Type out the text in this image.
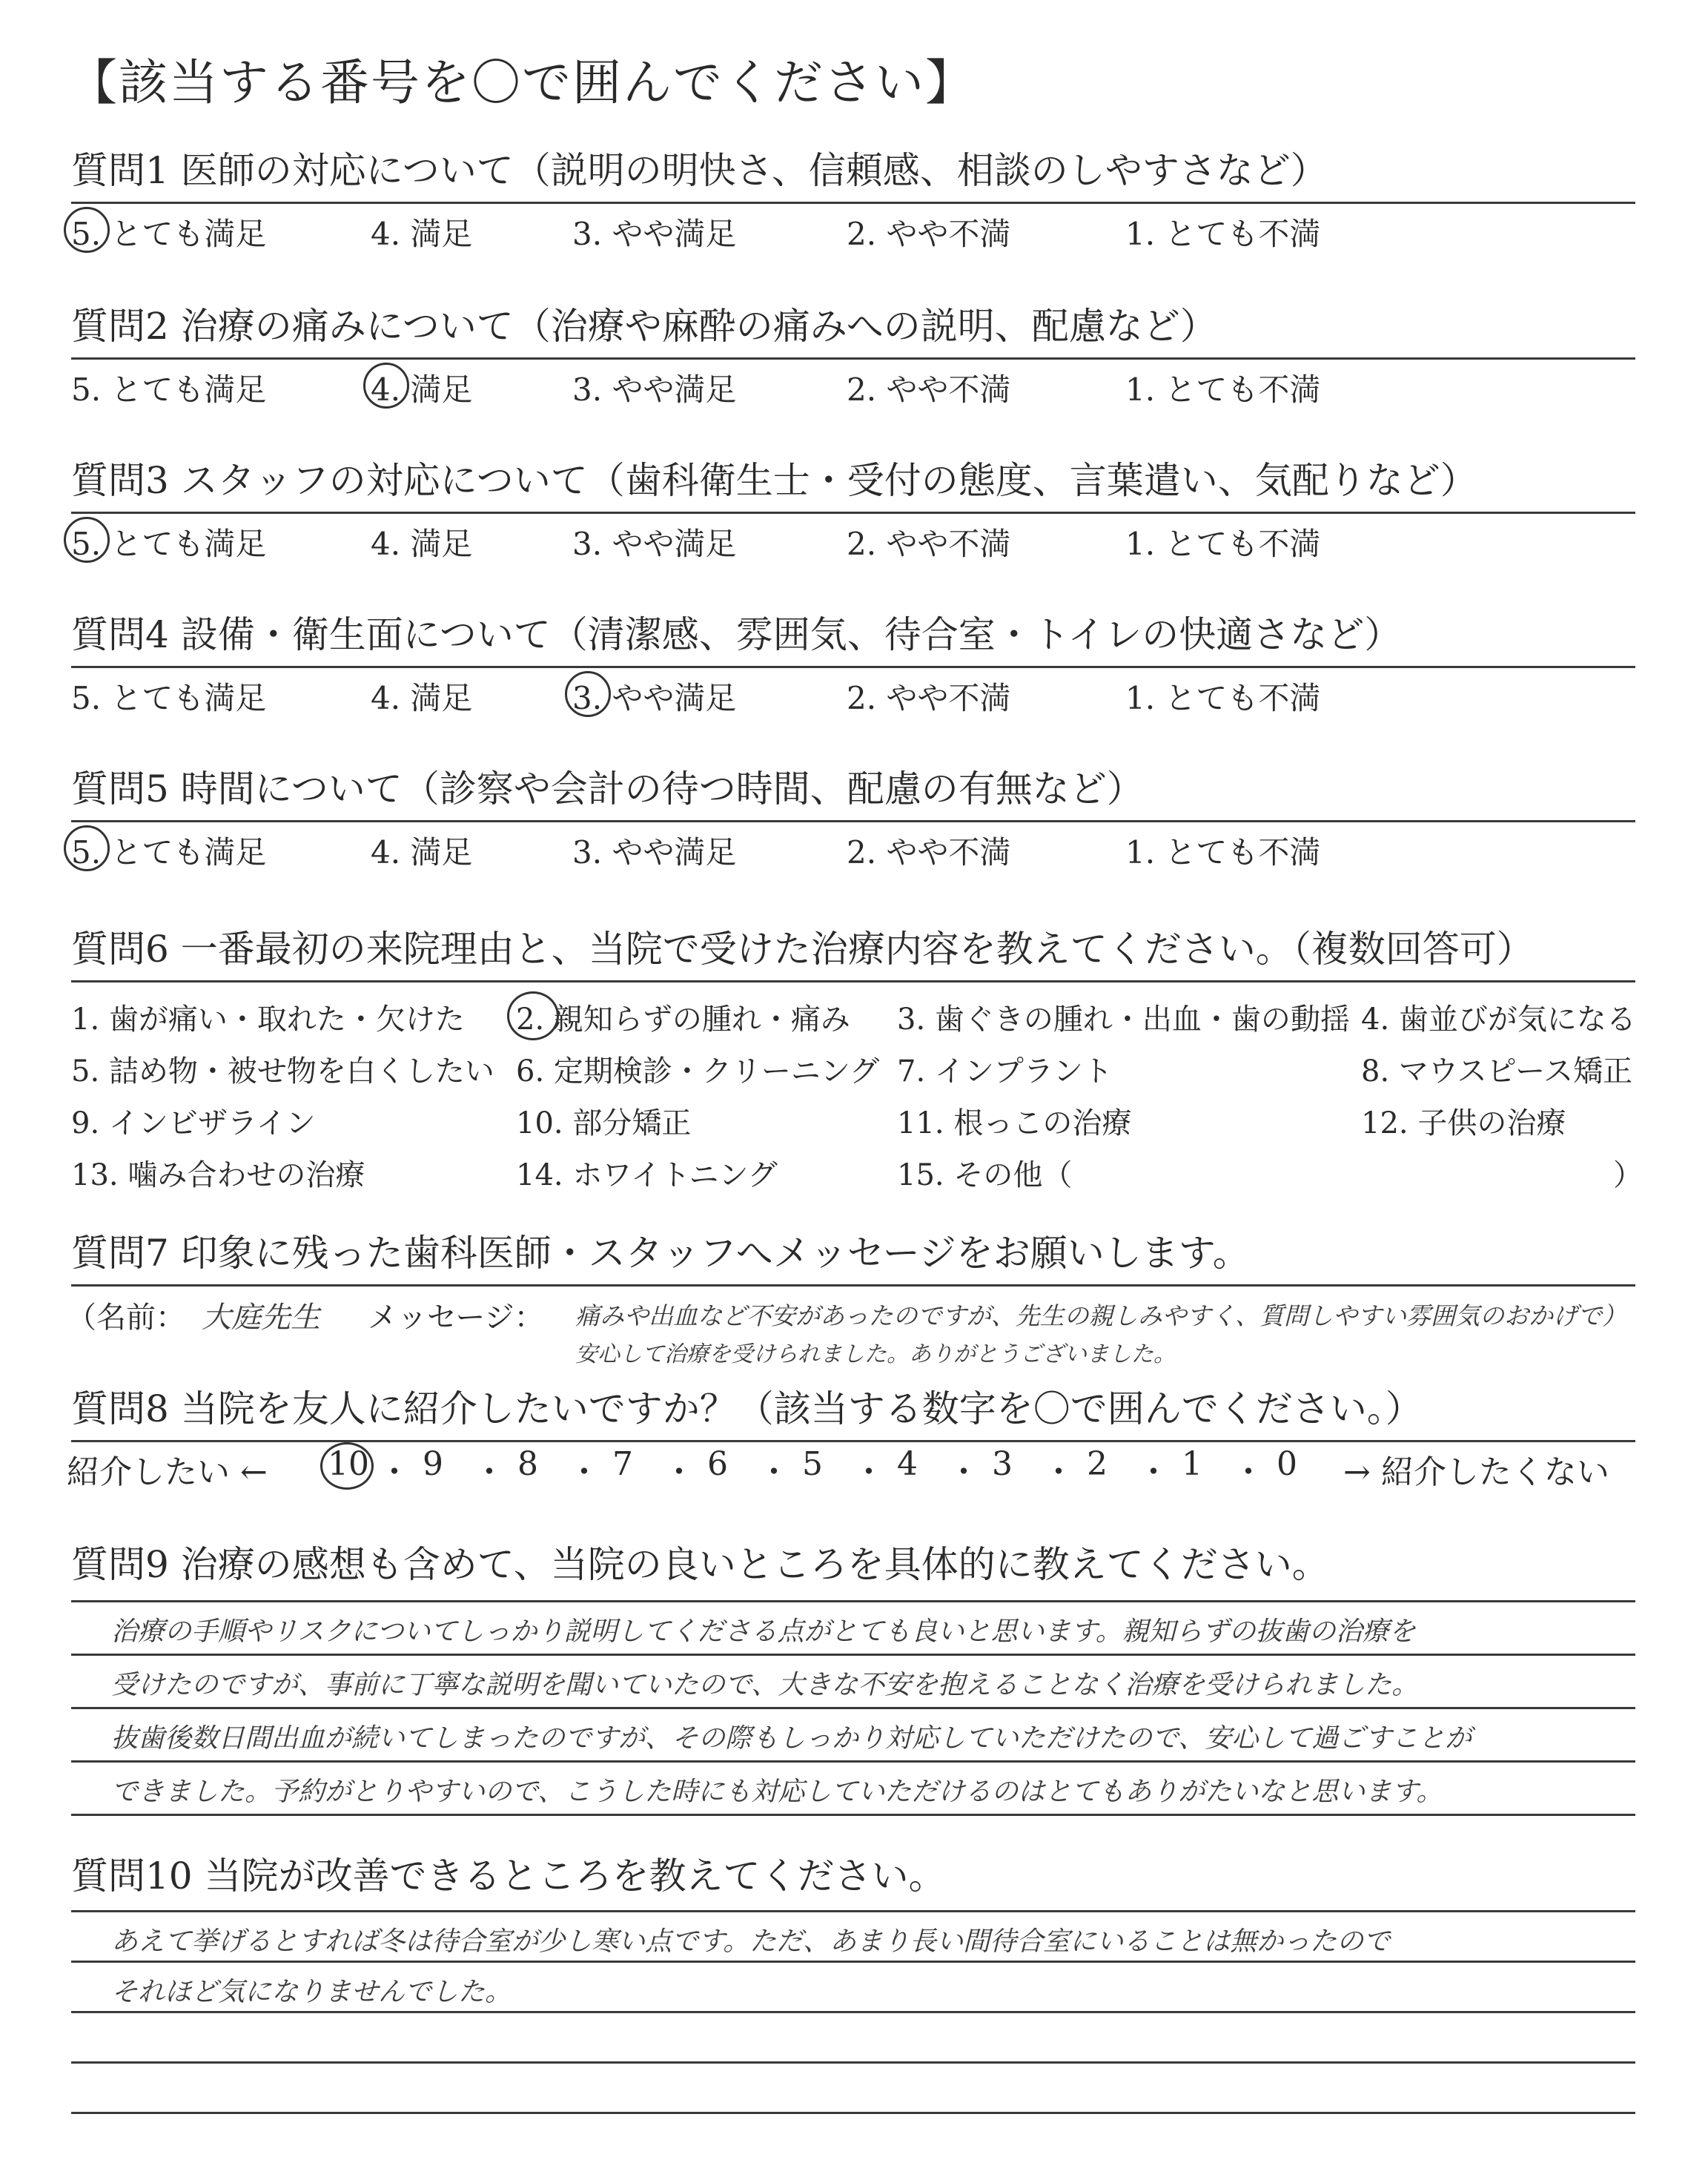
【該当する番号を〇で囲んでください】
質問1 医師の対応について（説明の明快さ、信頼感、相談のしやすさなど）
5. とても満足	4. 満足	3. やや満足	2. やや不満	1. とても不満
質問2 治療の痛みについて（治療や麻酔の痛みへの説明、配慮など）
5. とても満足	4. 満足	3. やや満足	2. やや不満	1. とても不満
質問3 スタッフの対応について（歯科衛生士・受付の態度、言葉遣い、気配りなど）
5. とても満足	4. 満足	3. やや満足	2. やや不満	1. とても不満
質問4 設備・衛生面について（清潔感、雰囲気、待合室・トイレの快適さなど）
5. とても満足	4. 満足	3. やや満足	2. やや不満	1. とても不満
質問5 時間について（診察や会計の待つ時間、配慮の有無など）
5. とても満足	4. 満足	3. やや満足	2. やや不満	1. とても不満
質問6 一番最初の来院理由と、当院で受けた治療内容を教えてください。（複数回答可）
1. 歯が痛い・取れた・欠けた 2. 親知らずの腫れ・痛み 3. 歯ぐきの腫れ・出血・歯の動揺 4. 歯並びが気になる
5. 詰め物・被せ物を白くしたい 6. 定期検診・クリーニング 7. インプラント	8. マウスピース矯正
9. インビザライン	10. 部分矯正	11. 根っこの治療	12. 子供の治療
13. 噛み合わせの治療	14. ホワイトニング	15. その他（	）
質問7 印象に残った歯科医師・スタッフへメッセージをお願いします。
（名前： 大庭先生 メッセージ： 痛みや出血など不安があったのですが、先生の親しみやすく、質問しやすい雰囲気のおかげで）
安心して治療を受けられました。ありがとうございました。
質問8 当院を友人に紹介したいですか？（該当する数字を〇で囲んでください。）
紹介したい ←	→ 紹介したくない
10 ・ 9 ・ 8 ・ 7 ・ 6 ・ 5 ・ 4 ・ 3 ・ 2 ・ 1 ・ 0
質問9 治療の感想も含めて、当院の良いところを具体的に教えてください。
治療の手順やリスクについてしっかり説明してくださる点がとても良いと思います。親知らずの抜歯の治療を
受けたのですが、事前に丁寧な説明を聞いていたので、大きな不安を抱えることなく治療を受けられました。
抜歯後数日間出血が続いてしまったのですが、その際もしっかり対応していただけたので、安心して過ごすことが
できました。予約がとりやすいので、こうした時にも対応していただけるのはとてもありがたいなと思います。
質問10 当院が改善できるところを教えてください。
あえて挙げるとすれば冬は待合室が少し寒い点です。ただ、あまり長い間待合室にいることは無かったので
それほど気になりませんでした。
